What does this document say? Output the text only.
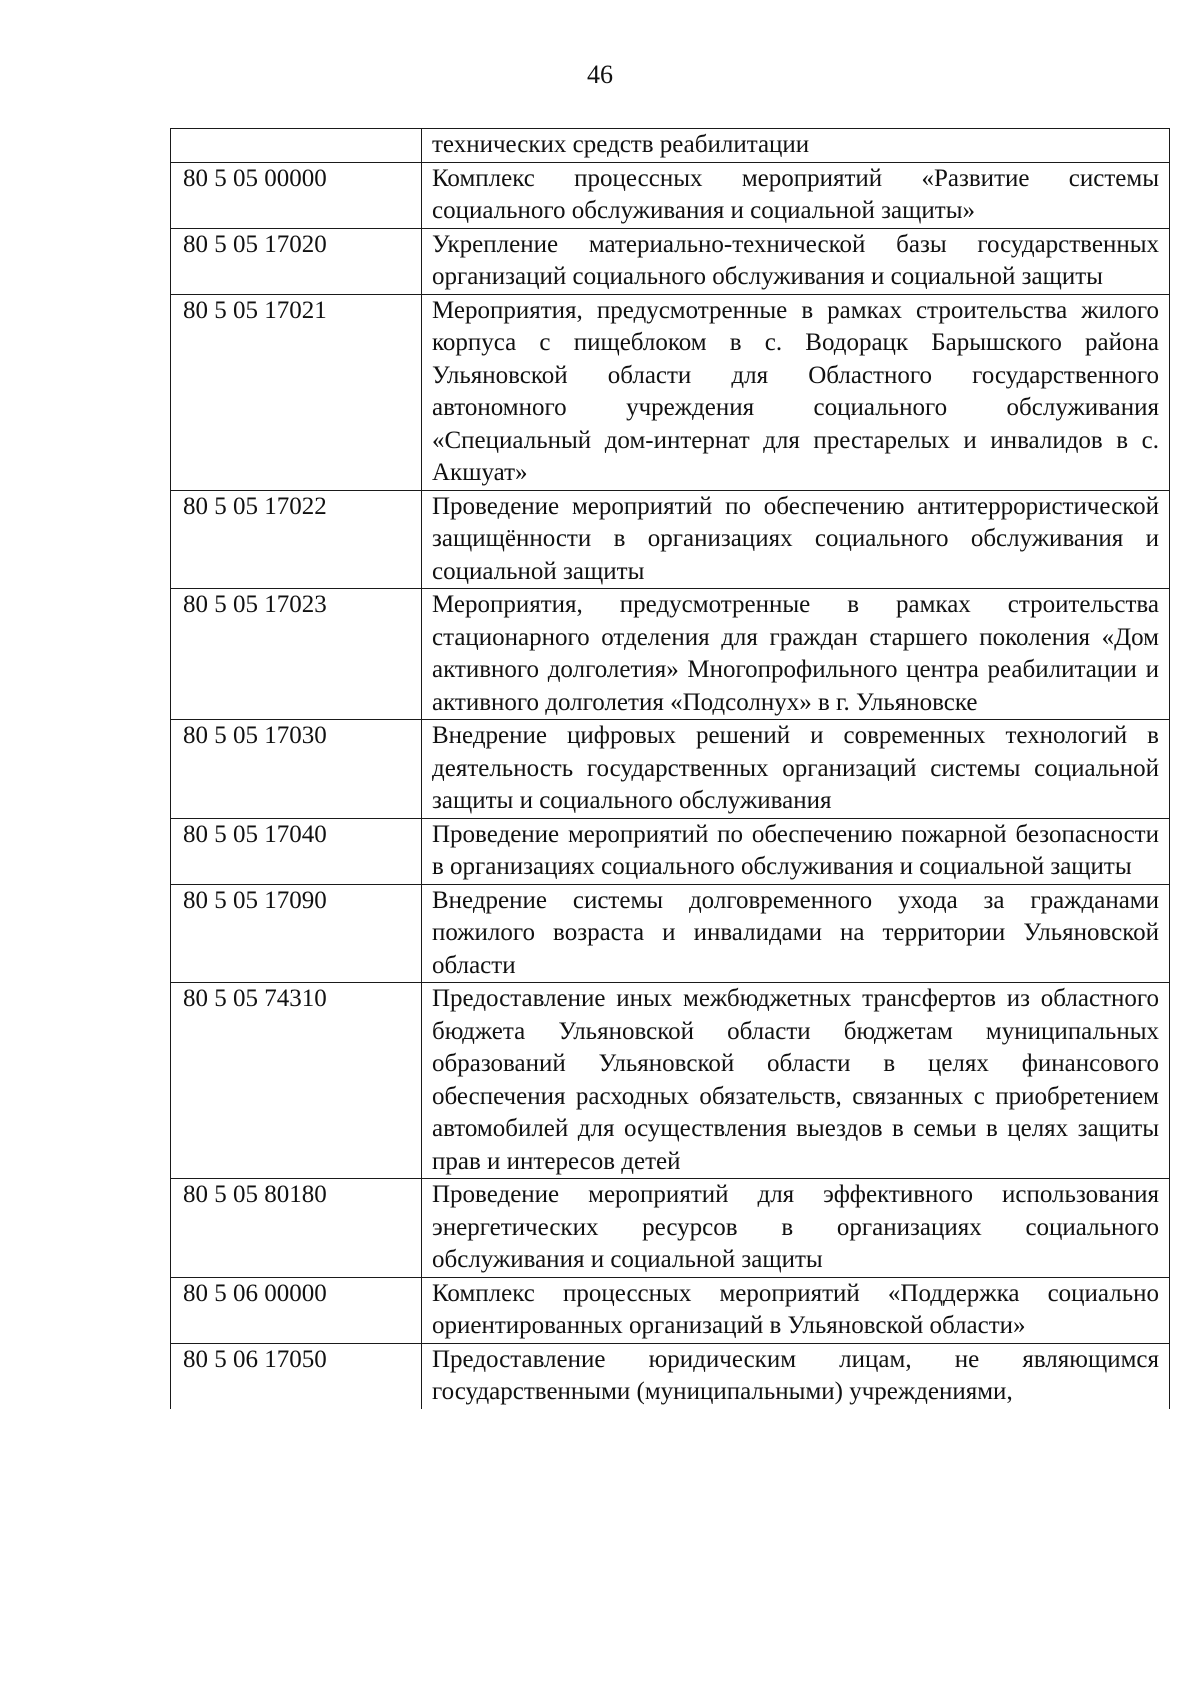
46
	технических средств реабилитации
80 5 05 00000	Комплекс процессных мероприятий «Развитие системы социального обслуживания и социальной защиты»
80 5 05 17020	Укрепление материально-технической базы государственных организаций социального обслуживания и социальной защиты
80 5 05 17021	Мероприятия, предусмотренные в рамках строительства жилого корпуса с пищеблоком в с. Водорацк Барышского района Ульяновской области для Областного государственного автономного учреждения социального обслуживания «Специальный дом-интернат для престарелых и инвалидов в с. Акшуат»
80 5 05 17022	Проведение мероприятий по обеспечению антитеррористической защищённости в организациях социального обслуживания и социальной защиты
80 5 05 17023	Мероприятия, предусмотренные в рамках строительства стационарного отделения для граждан старшего поколения «Дом активного долголетия» Многопрофильного центра реабилитации и активного долголетия «Подсолнух» в г. Ульяновске
80 5 05 17030	Внедрение цифровых решений и современных технологий в деятельность государственных организаций системы социальной защиты и социального обслуживания
80 5 05 17040	Проведение мероприятий по обеспечению пожарной безопасности в организациях социального обслуживания и социальной защиты
80 5 05 17090	Внедрение системы долговременного ухода за гражданами пожилого возраста и инвалидами на территории Ульяновской области
80 5 05 74310	Предоставление иных межбюджетных трансфертов из областного бюджета Ульяновской области бюджетам муниципальных образований Ульяновской области в целях финансового обеспечения расходных обязательств, связанных с приобретением автомобилей для осуществления выездов в семьи в целях защиты прав и интересов детей
80 5 05 80180	Проведение мероприятий для эффективного использования энергетических ресурсов в организациях социального обслуживания и социальной защиты
80 5 06 00000	Комплекс процессных мероприятий «Поддержка социально ориентированных организаций в Ульяновской области»
80 5 06 17050	Предоставление юридическим лицам, не являющимся государственными (муниципальными) учреждениями,
